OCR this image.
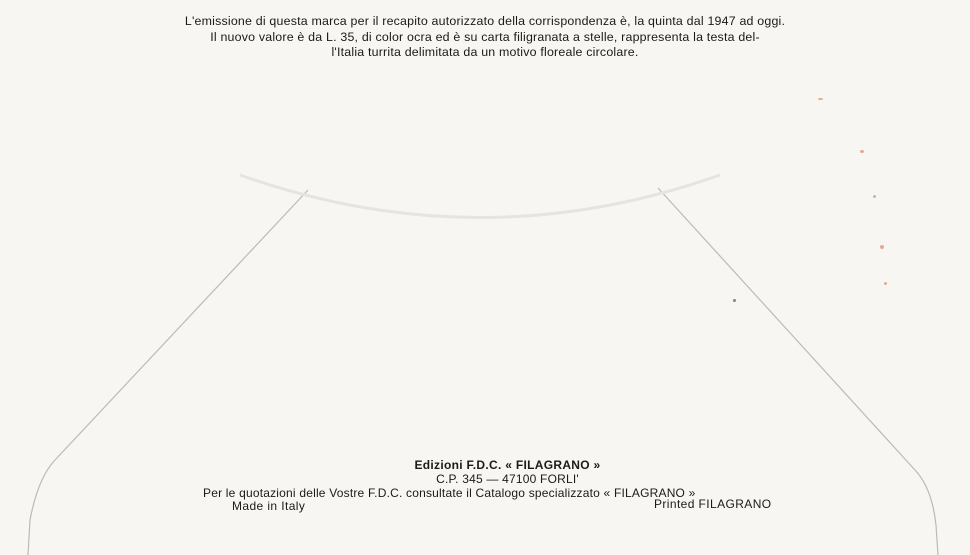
L'emissione di questa marca per il recapito autorizzato della corrispondenza è, la quinta dal 1947 ad oggi.
Il nuovo valore è da L. 35, di color ocra ed è su carta filigranata a stelle, rappresenta la testa del-
l'Italia turrita delimitata da un motivo floreale circolare.
Edizioni F.D.C. « FILAGRANO »
C.P. 345 — 47100 FORLI'
Per le quotazioni delle Vostre F.D.C. consultate il Catalogo specializzato « FILAGRANO »
Made in Italy	Printed FILAGRANO
